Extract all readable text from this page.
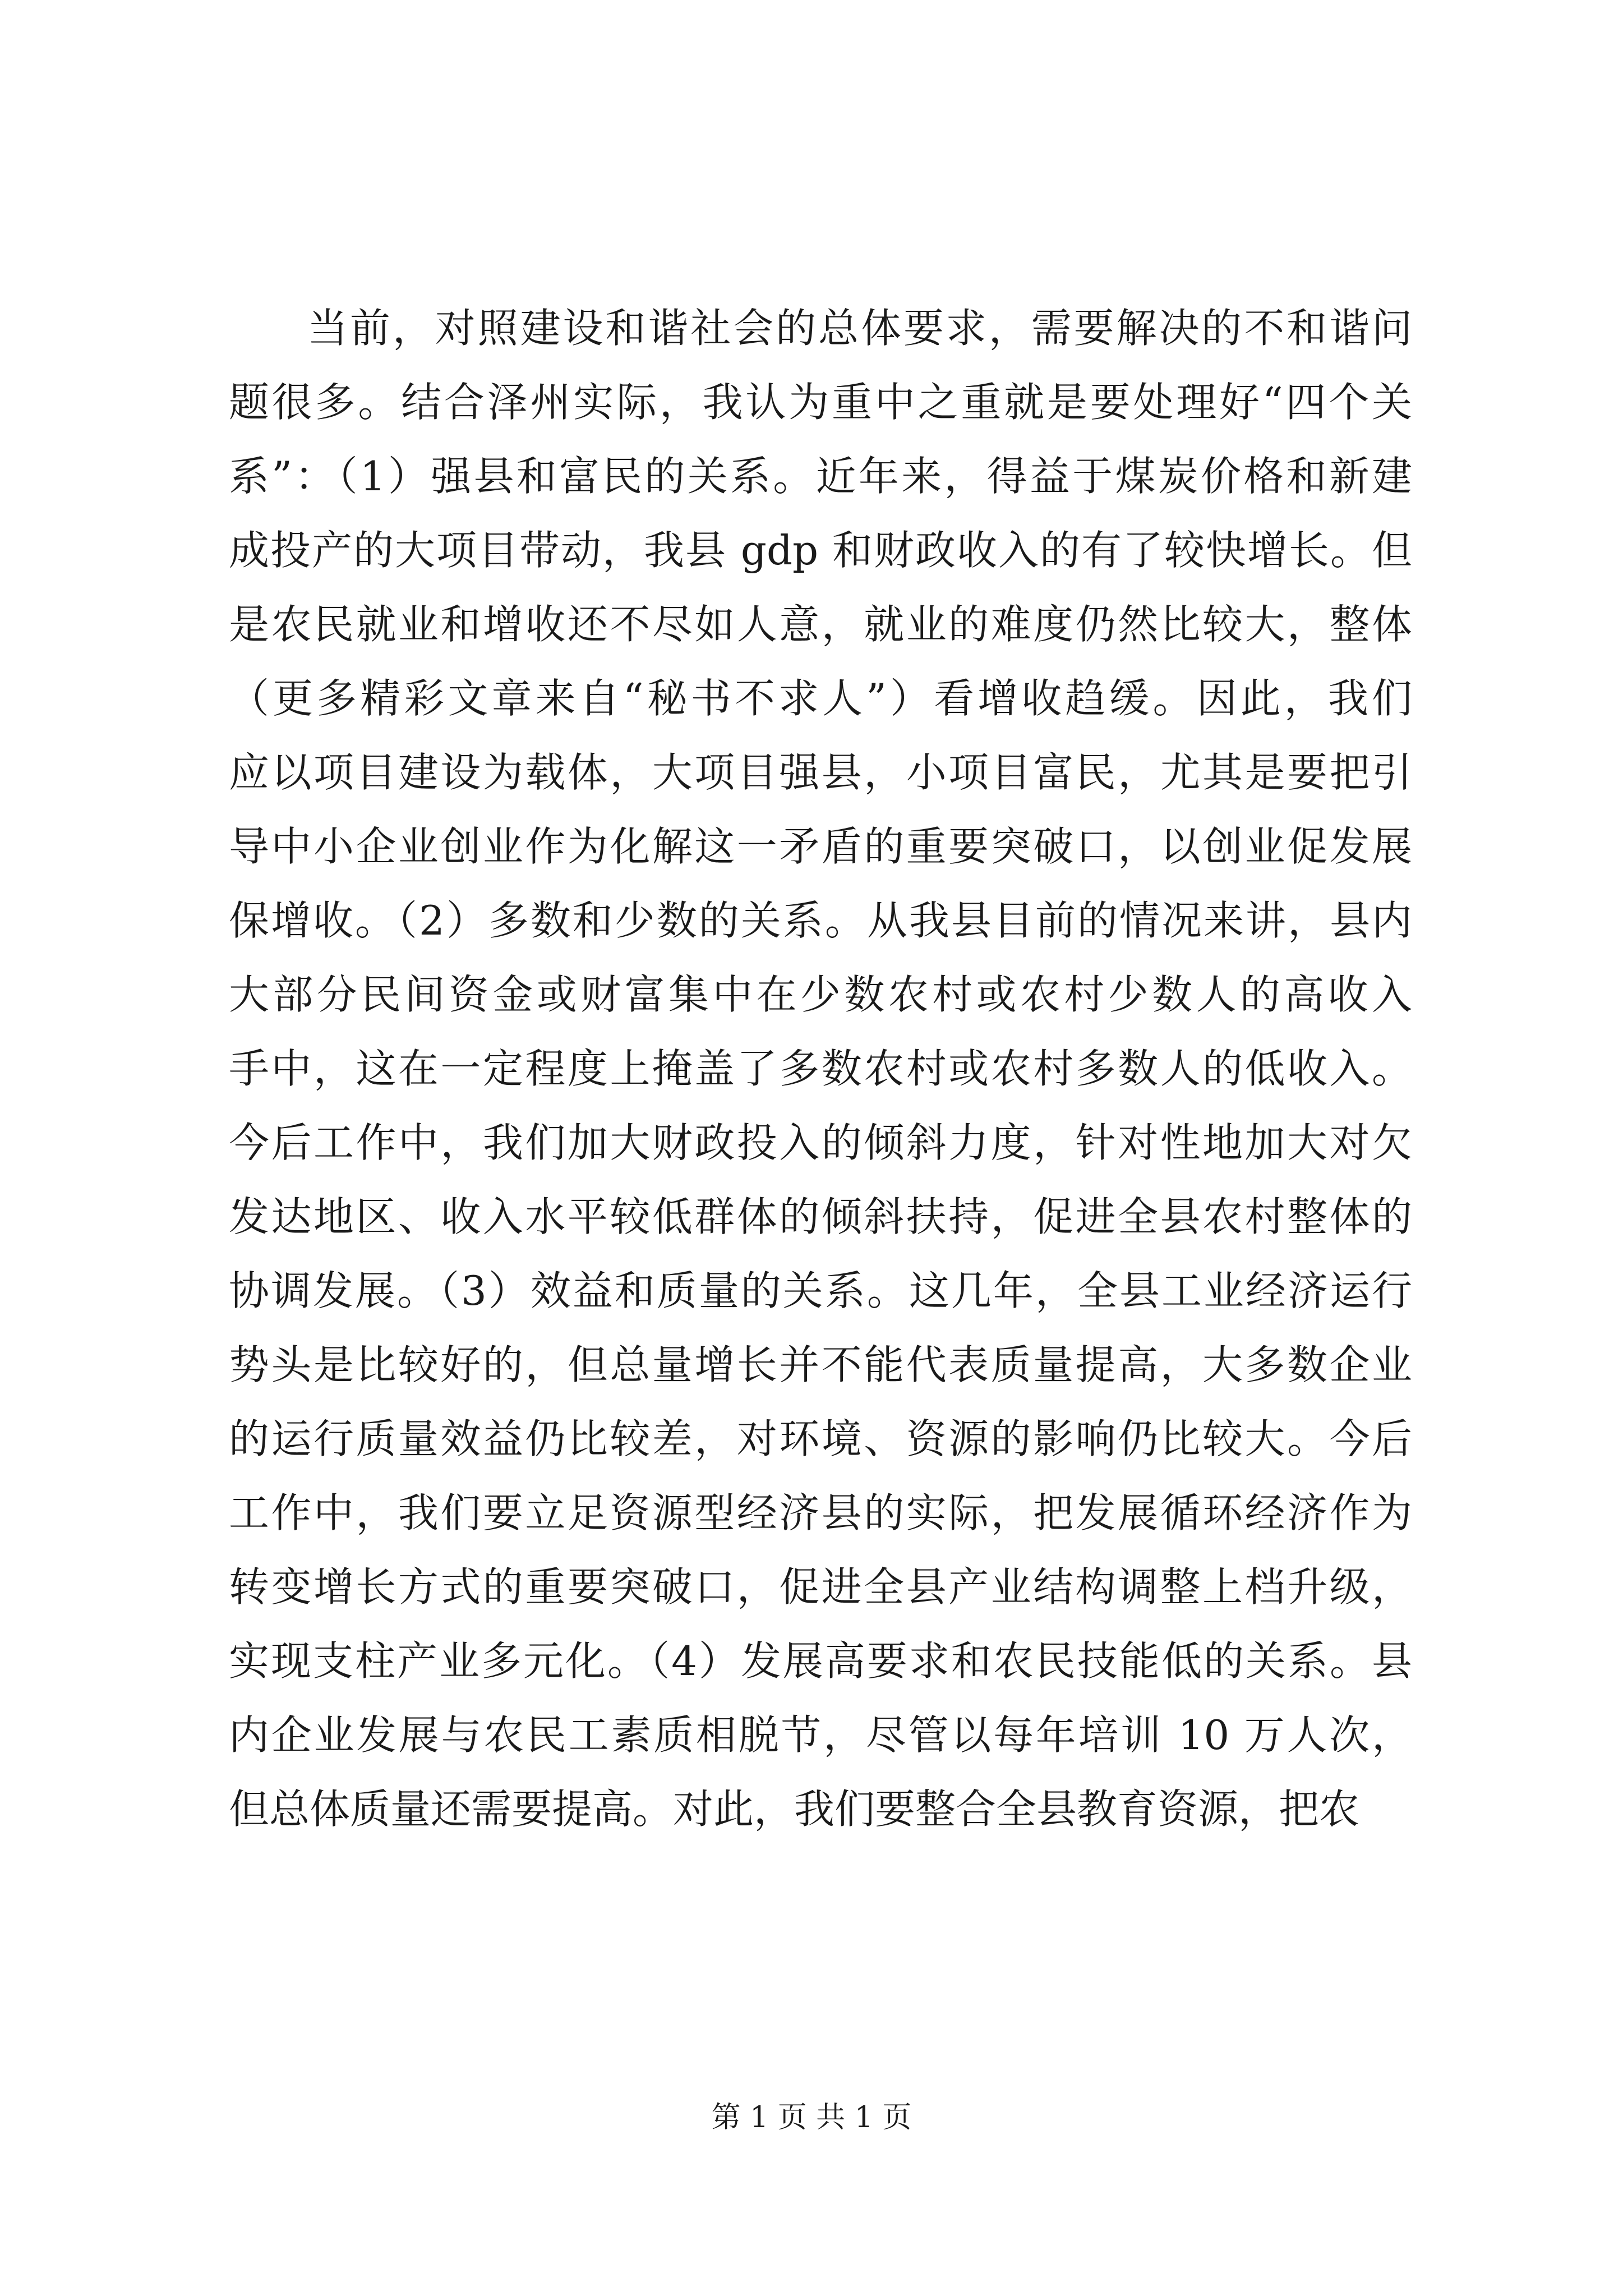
当前，对照建设和谐社会的总体要求，需要解决的不和谐问
题很多。结合泽州实际，我认为重中之重就是要处理好“四个关
系”：（1）强县和富民的关系。近年来，得益于煤炭价格和新建
成投产的大项目带动，我县 gdp 和财政收入的有了较快增长。但
是农民就业和增收还不尽如人意，就业的难度仍然比较大，整体
（更多精彩文章来自“秘书不求人”）看增收趋缓。因此，我们
应以项目建设为载体，大项目强县，小项目富民，尤其是要把引
导中小企业创业作为化解这一矛盾的重要突破口，以创业促发展
保增收。（2）多数和少数的关系。从我县目前的情况来讲，县内
大部分民间资金或财富集中在少数农村或农村少数人的高收入
手中，这在一定程度上掩盖了多数农村或农村多数人的低收入。
今后工作中，我们加大财政投入的倾斜力度，针对性地加大对欠
发达地区、收入水平较低群体的倾斜扶持，促进全县农村整体的
协调发展。（3）效益和质量的关系。这几年，全县工业经济运行
势头是比较好的，但总量增长并不能代表质量提高，大多数企业
的运行质量效益仍比较差，对环境、资源的影响仍比较大。今后
工作中，我们要立足资源型经济县的实际，把发展循环经济作为
转变增长方式的重要突破口，促进全县产业结构调整上档升级，
实现支柱产业多元化。（4）发展高要求和农民技能低的关系。县
内企业发展与农民工素质相脱节，尽管以每年培训 10 万人次，
但总体质量还需要提高。对此，我们要整合全县教育资源，把农
第 1 页 共 1 页
